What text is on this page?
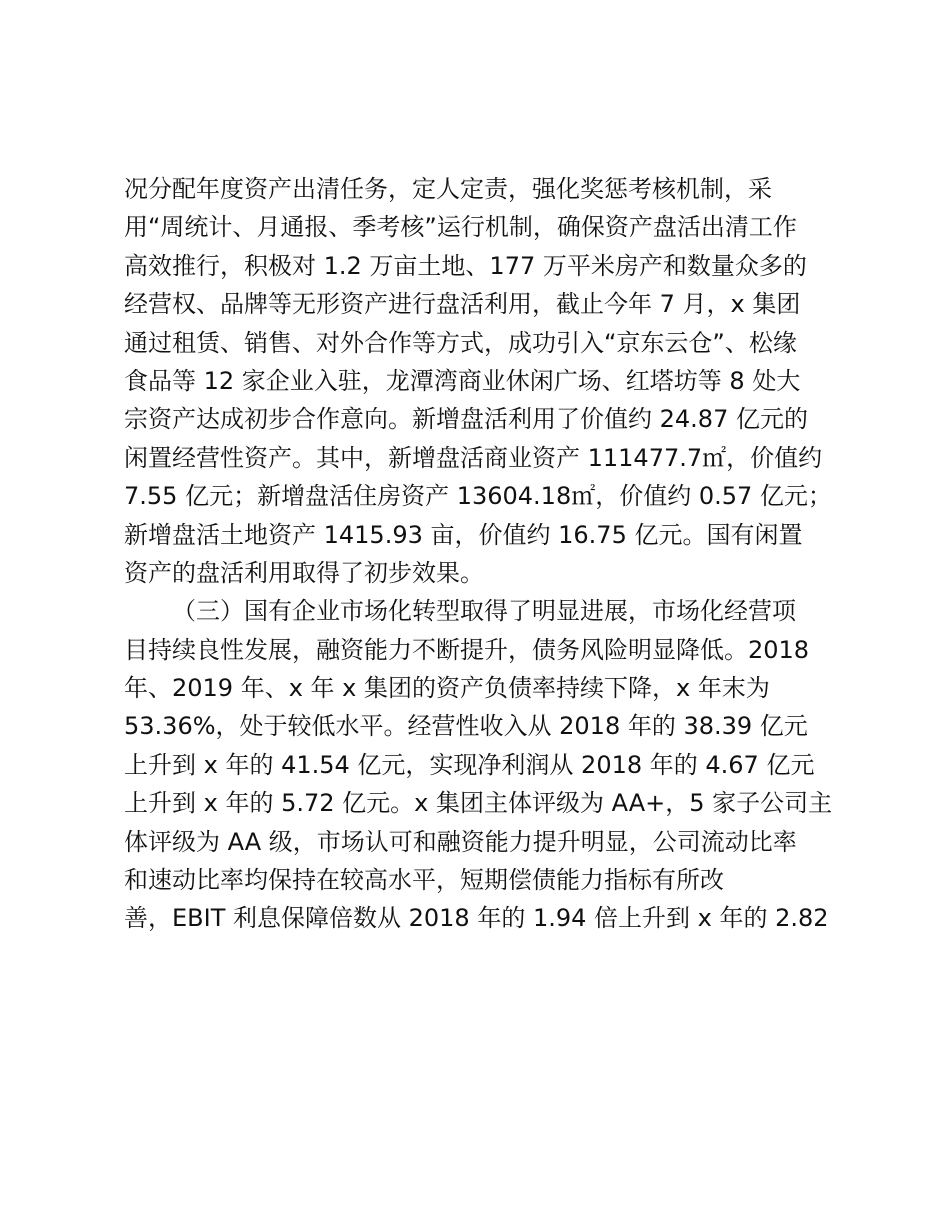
况分配年度资产出清任务，定人定责，强化奖惩考核机制，采
用“周统计、月通报、季考核”运行机制，确保资产盘活出清工作
高效推行，积极对 1.2 万亩土地、177 万平米房产和数量众多的
经营权、品牌等无形资产进行盘活利用，截止今年 7 月，x 集团
通过租赁、销售、对外合作等方式，成功引入“京东云仓”、松缘
食品等 12 家企业入驻，龙潭湾商业休闲广场、红塔坊等 8 处大
宗资产达成初步合作意向。新增盘活利用了价值约 24.87 亿元的
闲置经营性资产。其中，新增盘活商业资产 111477.7㎡，价值约
7.55 亿元；新增盘活住房资产 13604.18㎡，价值约 0.57 亿元；
新增盘活土地资产 1415.93 亩，价值约 16.75 亿元。国有闲置
资产的盘活利用取得了初步效果。
（三）国有企业市场化转型取得了明显进展，市场化经营项
目持续良性发展，融资能力不断提升，债务风险明显降低。2018
年、2019 年、x 年 x 集团的资产负债率持续下降，x 年末为
53.36%，处于较低水平。经营性收入从 2018 年的 38.39 亿元
上升到 x 年的 41.54 亿元，实现净利润从 2018 年的 4.67 亿元
上升到 x 年的 5.72 亿元。x 集团主体评级为 AA+，5 家子公司主
体评级为 AA 级，市场认可和融资能力提升明显，公司流动比率
和速动比率均保持在较高水平，短期偿债能力指标有所改
善，EBIT 利息保障倍数从 2018 年的 1.94 倍上升到 x 年的 2.82
